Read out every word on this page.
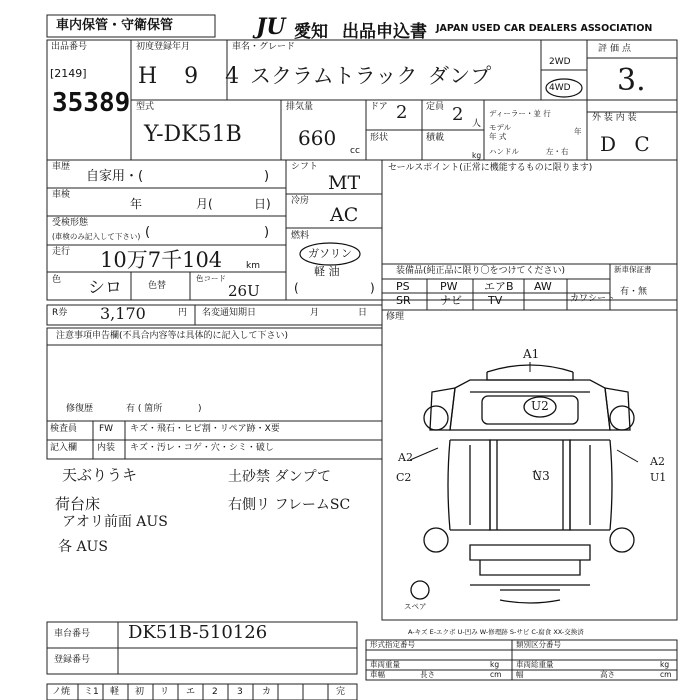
車内保管・守衛保管	JU 愛知 出品申込書 JAPAN USED CAR DEALERS ASSOCIATION
出品番号
[2149]
35389
初度登録年月
H 9 4
車名・グレード
スクラムトラック ダンプ
2WD
4WD
評価点
3.
型式
Y-DK51B
排気量
660
cc
ドア 2
形状
定員 2 人
積載
kg
ディーラー・並 行
モデル
年 式
年
ハンドル	左・右
外 装 内 装
D C
車歴
自家用・(	)
車検
年	月(	日)
受検形態
(車検のみ記入して下さい) (	)
走行 10万7千104	km
色 シロ	色替
色コード
26U
シフト
MT
冷房
AC
燃料
ガソリン
軽 油
(	)
セールスポイント(正常に機能するものに限ります)
装備品(純正品に限り〇をつけてください)
PS	PW エアB AW
SR	ナビ TV	カワシート
新車保証書
有・無
R券 3,170	円 名変通知期日	月	日
注意事項申告欄(不具合内容等は具体的に記入して下さい)
修復歴	有 ( 箇所	)
検査員
記入欄
FW キズ・飛石・ヒビ割・リペア跡・X要
内装 キズ・汚レ・コゲ・穴・シミ・破し
天ぶりうキ
荷台床
アオリ前面 AUS
各 AUS
土砂禁 ダンプて
右側リ フレームSC
修理
A1
U2
U3
A2
C2
A2
U1
スペア
A-キズ E-エクボ U-凹み W-修理跡 S-サビ C-腐食 XX-交換済
車台番号 DK51B-510126
登録番号
形式指定番号	類別区分番号
車両重量	車両総重量
kg	kg
車幅	長さ	幅	高さ
cm	cm
ノ焼 ミ1 軽 初 リ エ 2 3 カ	完
